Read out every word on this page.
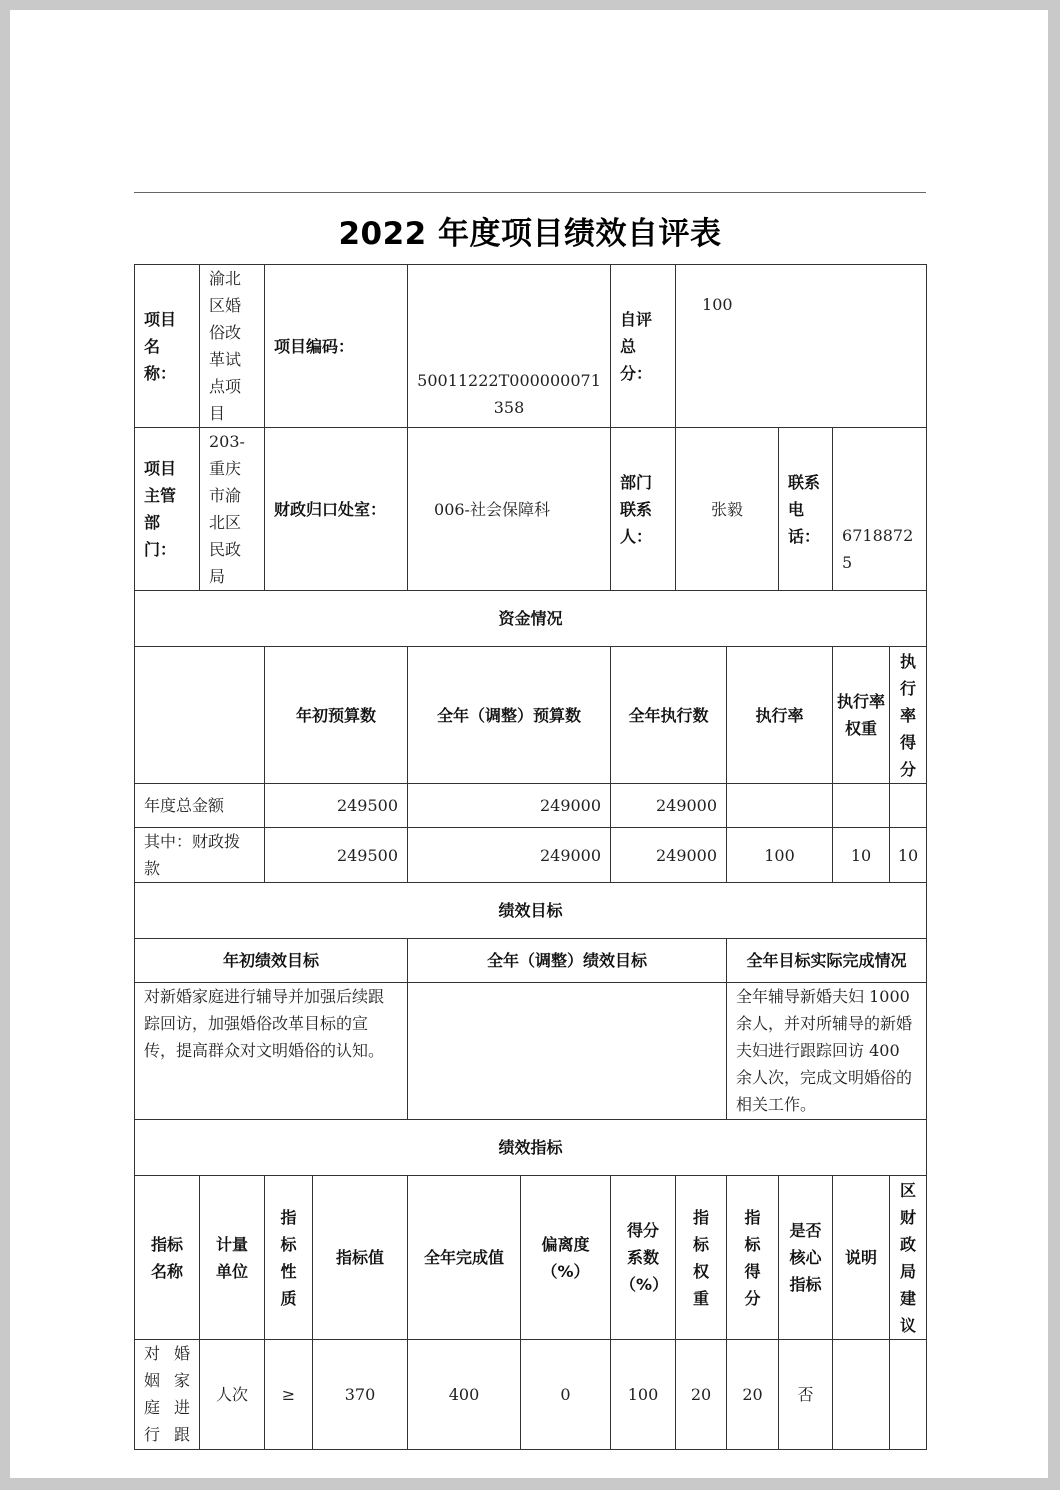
2022 年度项目绩效自评表
项目名称：	渝北区婚俗改革试点项目	项目编码：		50011222T000000071358		自评总分：	100				
项目主管部门：	203-重庆市渝北区民政局	财政归口处室：		006-社会保障科		部门联系人：	张毅		联系电话：	67188725	
资金情况											
		年初预算数		全年（调整）预算数		全年执行数		执行率		执行率权重	执行率得分
年度总金额		249500		249000		249000					
其中：财政拨款		249500		249000		249000		100		10	10
绩效目标											
年初绩效目标				全年（调整）绩效目标				全年目标实际完成情况			
对新婚家庭进行辅导并加强后续跟踪回访，加强婚俗改革目标的宣传，提高群众对文明婚俗的认知。								全年辅导新婚夫妇 1000 余人，并对所辅导的新婚夫妇进行跟踪回访 400 余人次，完成文明婚俗的相关工作。			
绩效指标											
指标名称	计量单位	指标性质	指标值	全年完成值	偏离度（%）	得分系数（%）	指标权重	指标得分	是否核心指标	说明	区财政局建议
对婚姻家庭进行跟	人次	≥	370	400	0	100	20	20	否		
